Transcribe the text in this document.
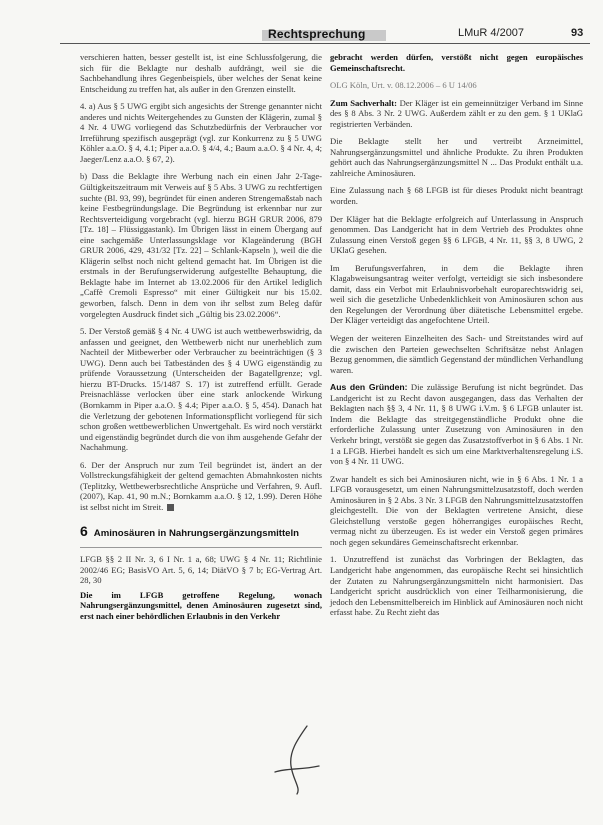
Rechtsprechung	LMuR 4/2007	93

verschieren hatten, besser gestellt ist, ist eine Schlussfolgerung, die sich für die Beklagte nur deshalb aufdrängt, weil sie die Sachbehandlung ihres Gegenbeispiels, über welches der Senat keine Entscheidung zu treffen hat, als außer in den Grenzen einstellt.

4. a) Aus § 5 UWG ergibt sich angesichts der Strenge genannter nicht anderes und nichts Weitergehendes zu Gunsten der Klägerin, zumal § 4 Nr. 4 UWG vorliegend das Schutzbedürfnis der Verbraucher vor Irreführung spezifisch ausgeprägt (vgl. zur Konkurrenz zu § 5 UWG Köhler a.a.O. § 4, 4.1; Piper a.a.O. § 4/4, 4.; Baum a.a.O. § 4 Nr. 4, 4; Jaeger/Lenz a.a.O. § 67, 2).

b) Dass die Beklagte ihre Werbung nach ein einen Jahr 2-Tage-Gültigkeitszeitraum mit Verweis auf § 5 Abs. 3 UWG zu rechtfertigen suchte (Bl. 93, 99), begründet für einen anderen Strengemaßstab nach keine Festbegründungslage. Die Begründung ist erkennbar nur zur Rechtsverteidigung vorgebracht (vgl. hierzu BGH GRUR 2006, 879 [Tz. 18] – Flüssiggastank). Im Übrigen lässt in einem Übergang auf eine sachgemäße Unterlassungsklage vor Klageänderung (BGH GRUR 2006, 429, 431/32 [Tz. 22] – Schlank-Kapseln ), weil die die Klägerin selbst noch nicht geltend gemacht hat. Im Übrigen ist die erstmals in der Berufungserwiderung aufgestellte Behauptung, die Beklagte habe im Internet ab 13.02.2006 für den Artikel lediglich „Caffè Cremoli Espresso“ mit einer Gültigkeit nur bis 15.02. geworben, falsch. Denn in dem von ihr selbst zum Beleg dafür vorgelegten Ausdruck findet sich „Gültig bis 23.02.2006“.

5. Der Verstoß gemäß § 4 Nr. 4 UWG ist auch wettbewerbswidrig, da anfassen und geeignet, den Wettbewerb nicht nur unerheblich zum Nachteil der Mitbewerber oder Verbraucher zu beeinträchtigen (§ 3 UWG). Denn auch bei Tatbeständen des § 4 UWG eigenständig zu prüfende Voraussetzung (Unterscheiden der Bagatellgrenze; vgl. hierzu BT-Drucks. 15/1487 S. 17) ist zutreffend erfüllt. Gerade Preisnachlässe verlocken über eine stark anlockende Wirkung (Bornkamm in Piper a.a.O. § 4.4; Piper a.a.O. § 5, 454). Danach hat die Verletzung der gebotenen Informationspflicht vorliegend für sich schon großen wettbewerblichen Unwertgehalt. Es wird noch verstärkt und eigenständig begründet durch die von ihm ausgehende Gefahr der Nachahmung.

6. Der der Anspruch nur zum Teil begründet ist, ändert an der Vollstreckungsfähigkeit der geltend gemachten Abmahnkosten nichts (Teplitzky, Wettbewerbsrechtliche Ansprüche und Verfahren, 9. Aufl. (2007), Kap. 41, 90 m.N.; Bornkamm a.a.O. § 12, 1.99). Deren Höhe ist selbst nicht im Streit.

6 Aminosäuren in Nahrungsergänzungsmitteln

LFGB §§ 2 II Nr. 3, 6 I Nr. 1 a, 68; UWG § 4 Nr. 11; Richtlinie 2002/46 EG; BasisVO Art. 5, 6, 14; DiätVO § 7 b; EG-Vertrag Art. 28, 30

Die im LFGB getroffene Regelung, wonach Nahrungsergänzungsmittel, denen Aminosäuren zugesetzt sind, erst nach einer behördlichen Erlaubnis in den Verkehr

gebracht werden dürfen, verstößt nicht gegen europäisches Gemeinschaftsrecht.

OLG Köln, Urt. v. 08.12.2006 – 6 U 14/06

Zum Sachverhalt: Der Kläger ist ein gemeinnütziger Verband im Sinne des § 8 Abs. 3 Nr. 2 UWG. Außerdem zählt er zu den gem. § 1 UKlaG registrierten Verbänden.

Die Beklagte stellt her und vertreibt Arzneimittel, Nahrungsergänzungsmittel und ähnliche Produkte. Zu ihren Produkten gehört auch das Nahrungsergänzungsmittel N ... Das Produkt enthält u.a. zahlreiche Aminosäuren.

Eine Zulassung nach § 68 LFGB ist für dieses Produkt nicht beantragt worden.

Der Kläger hat die Beklagte erfolgreich auf Unterlassung in Anspruch genommen. Das Landgericht hat in dem Vertrieb des Produktes ohne Zulassung einen Verstoß gegen §§ 6 LFGB, 4 Nr. 11, §§ 3, 8 UWG, 2 UKlaG gesehen.

Im Berufungsverfahren, in dem die Beklagte ihren Klagabweisungsantrag weiter verfolgt, verteidigt sie sich insbesondere damit, dass ein Verbot mit Erlaubnisvorbehalt europarechtswidrig sei, weil sich die gesetzliche Unbedenklichkeit von Aminosäuren schon aus den Regelungen der Verordnung über diätetische Lebensmittel ergebe. Der Kläger verteidigt das angefochtene Urteil.

Wegen der weiteren Einzelheiten des Sach- und Streitstandes wird auf die zwischen den Parteien gewechselten Schriftsätze nebst Anlagen Bezug genommen, die sämtlich Gegenstand der mündlichen Verhandlung waren.

Aus den Gründen: Die zulässige Berufung ist nicht begründet. Das Landgericht ist zu Recht davon ausgegangen, dass das Verhalten der Beklagten nach §§ 3, 4 Nr. 11, § 8 UWG i.V.m. § 6 LFGB unlauter ist. Indem die Beklagte das streitgegenständliche Produkt ohne die erforderliche Zulassung unter Zusetzung von Aminosäuren in den Verkehr bringt, verstößt sie gegen das Zusatzstoffverbot in § 6 Abs. 1 Nr. 1 a LFGB. Hierbei handelt es sich um eine Marktverhaltensregelung i.S. von § 4 Nr. 11 UWG.

Zwar handelt es sich bei Aminosäuren nicht, wie in § 6 Abs. 1 Nr. 1 a LFGB vorausgesetzt, um einen Nahrungsmittelzusatzstoff, doch werden Aminosäuren in § 2 Abs. 3 Nr. 3 LFGB den Nahrungsmittelzusatzstoffen gleichgestellt. Die von der Beklagten vertretene Ansicht, diese Gleichstellung verstoße gegen höherrangiges europäisches Recht, vermag nicht zu überzeugen. Es ist weder ein Verstoß gegen primäres noch gegen sekundäres Gemeinschaftsrecht erkennbar.

1. Unzutreffend ist zunächst das Vorbringen der Beklagten, das Landgericht habe angenommen, das europäische Recht sei hinsichtlich der Zutaten zu Nahrungsergänzungsmitteln nicht harmonisiert. Das Landgericht spricht ausdrücklich von einer Teilharmonisierung, die jedoch den Lebensmittelbereich im Hinblick auf Aminosäuren noch nicht erfasst habe. Zu Recht zieht das
